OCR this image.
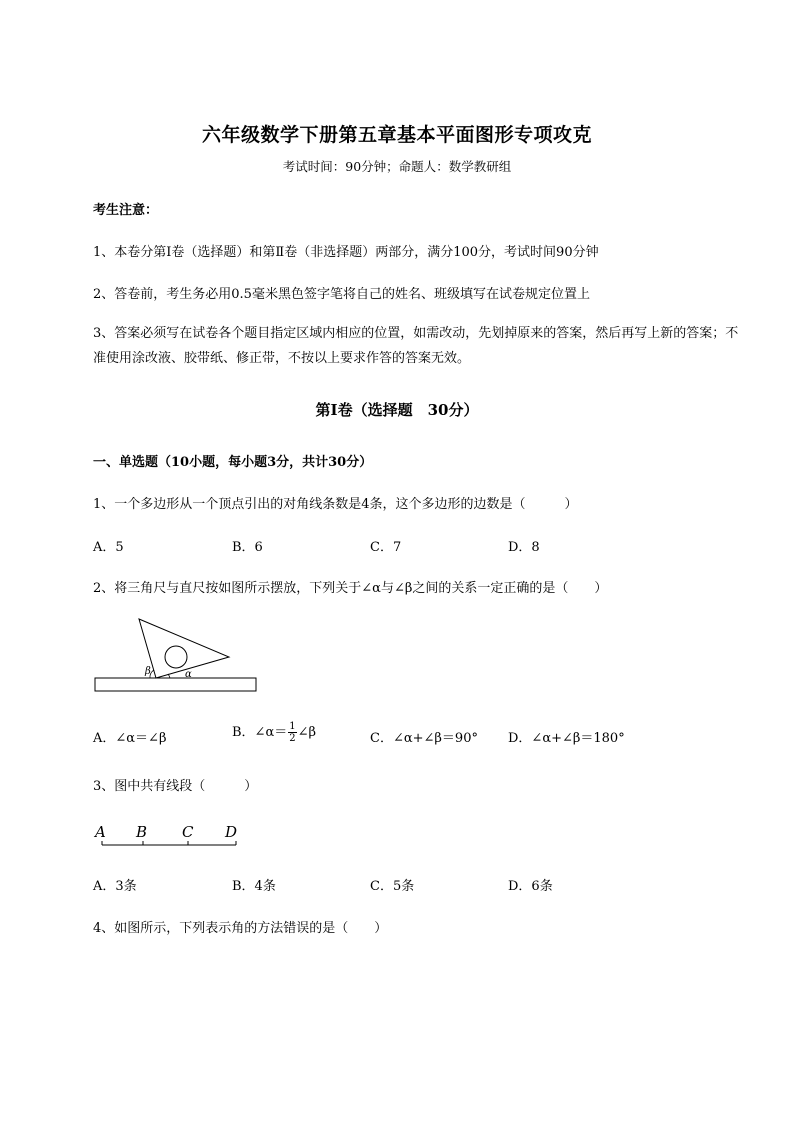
六年级数学下册第五章基本平面图形专项攻克
考试时间：90分钟；命题人：数学教研组
考生注意：
1、本卷分第I卷（选择题）和第Ⅱ卷（非选择题）两部分，满分100分，考试时间90分钟
2、答卷前，考生务必用0.5毫米黑色签字笔将自己的姓名、班级填写在试卷规定位置上
3、答案必须写在试卷各个题目指定区域内相应的位置，如需改动，先划掉原来的答案，然后再写上新的答案；不准使用涂改液、胶带纸、修正带，不按以上要求作答的答案无效。
第I卷（选择题　30分）
一、单选题（10小题，每小题3分，共计30分）
1、一个多边形从一个顶点引出的对角线条数是4条，这个多边形的边数是（　　　）
A．5	B．6	C．7	D．8
2、将三角尺与直尺按如图所示摆放，下列关于∠α与∠β之间的关系一定正确的是（　　）
β	α
A．∠α＝∠β	B．∠α＝ $\frac{1}{2}$ ∠β	C．∠α+∠β＝90° D．∠α+∠β＝180°
3、图中共有线段（　　　）
A B C D
A．3条	B．4条	C．5条	D．6条
4、如图所示，下列表示角的方法错误的是（　　）
